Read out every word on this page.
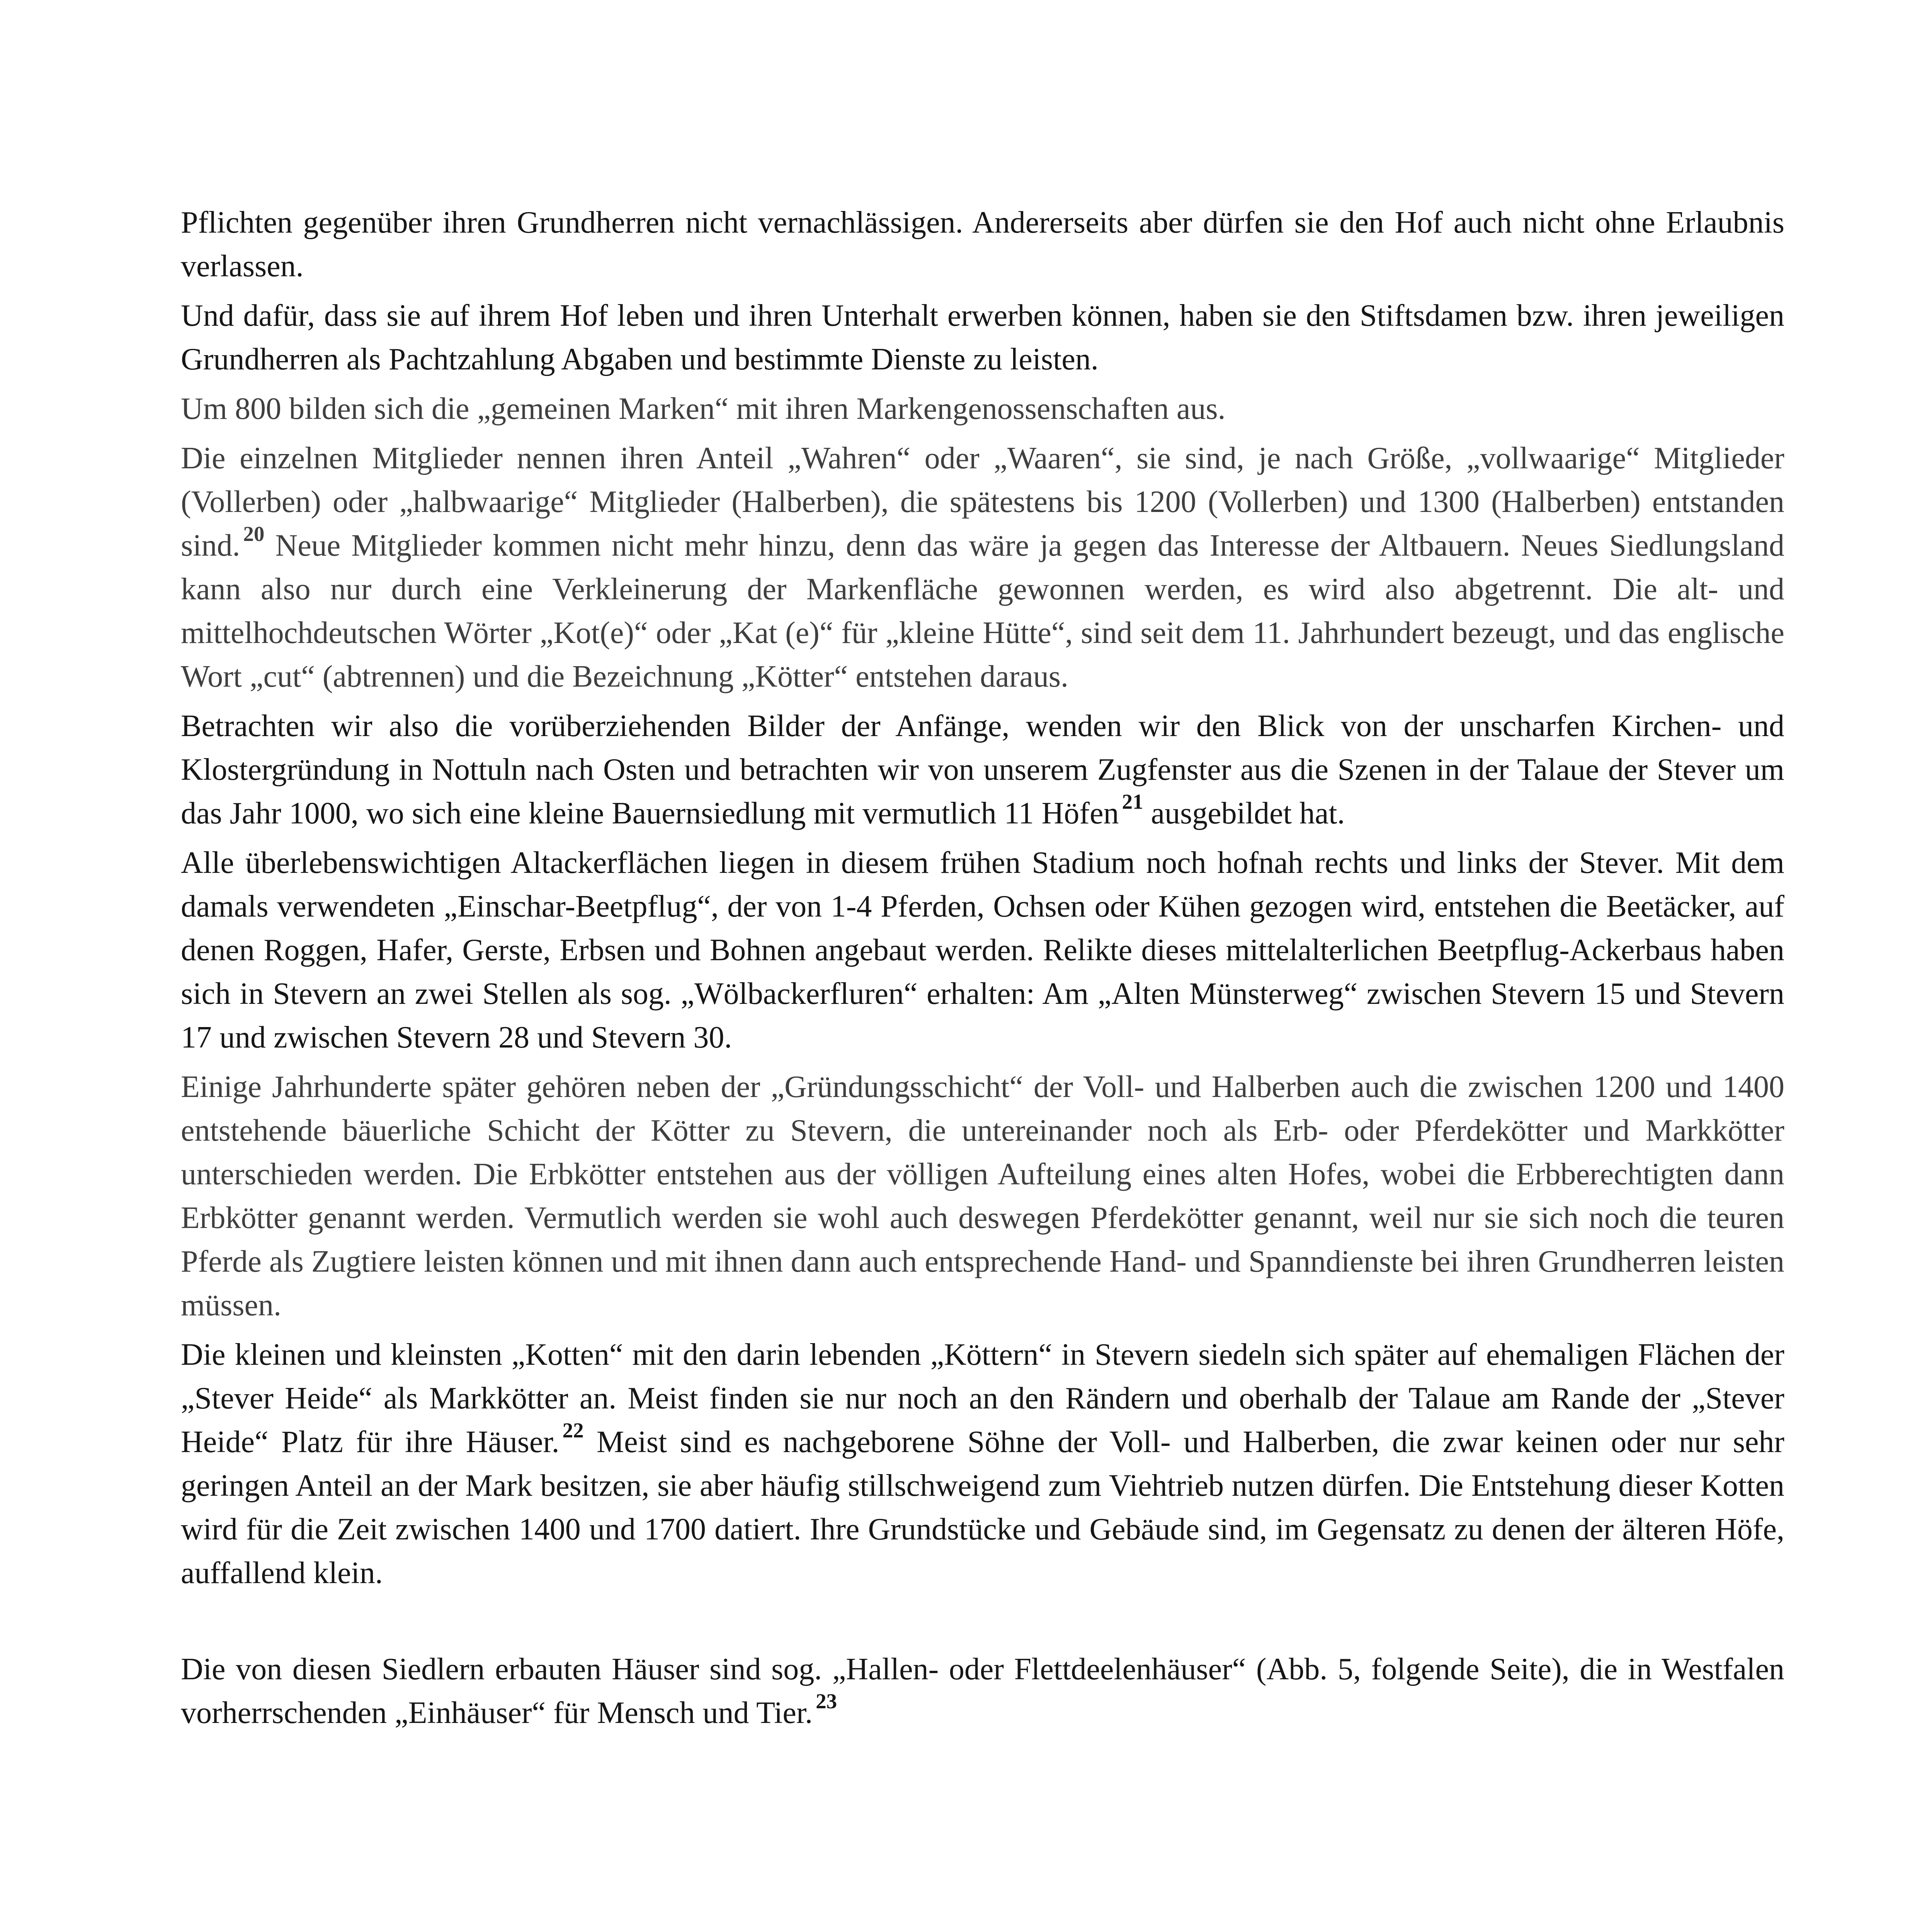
Pflichten gegenüber ihren Grundherren nicht vernachlässigen. Andererseits aber dürfen sie den Hof auch nicht ohne Erlaubnis verlassen.

Und dafür, dass sie auf ihrem Hof leben und ihren Unterhalt erwerben können, haben sie den Stiftsdamen bzw. ihren jeweiligen Grundherren als Pachtzahlung Abgaben und bestimmte Dienste zu leisten.

Um 800 bilden sich die „gemeinen Marken“ mit ihren Markengenossenschaften aus.

Die einzelnen Mitglieder nennen ihren Anteil „Wahren“ oder „Waaren“, sie sind, je nach Größe, „vollwaarige“ Mitglieder (Vollerben) oder „halbwaarige“ Mitglieder (Halberben), die spätestens bis 1200 (Vollerben) und 1300 (Halberben) entstanden sind. $^{20}$ Neue Mitglieder kommen nicht mehr hinzu, denn das wäre ja gegen das Interesse der Altbauern. Neues Siedlungsland kann also nur durch eine Verkleinerung der Markenfläche gewonnen werden, es wird also abgetrennt. Die alt- und mittelhochdeutschen Wörter „Kot(e)“ oder „Kat (e)“ für „kleine Hütte“, sind seit dem 11. Jahrhundert bezeugt, und das englische Wort „cut“ (abtrennen) und die Bezeichnung „Kötter“ entstehen daraus.

Betrachten wir also die vorüberziehenden Bilder der Anfänge, wenden wir den Blick von der unscharfen Kirchen- und Klostergründung in Nottuln nach Osten und betrachten wir von unserem Zugfenster aus die Szenen in der Talaue der Stever um das Jahr 1000, wo sich eine kleine Bauernsiedlung mit vermutlich 11 Höfen $^{21}$ ausgebildet hat.

Alle überlebenswichtigen Altackerflächen liegen in diesem frühen Stadium noch hofnah rechts und links der Stever. Mit dem damals verwendeten „Einschar-Beetpflug“, der von 1-4 Pferden, Ochsen oder Kühen gezogen wird, entstehen die Beetäcker, auf denen Roggen, Hafer, Gerste, Erbsen und Bohnen angebaut werden. Relikte dieses mittelalterlichen Beetpflug-Ackerbaus haben sich in Stevern an zwei Stellen als sog. „Wölbackerfluren“ erhalten: Am „Alten Münsterweg“ zwischen Stevern 15 und Stevern 17 und zwischen Stevern 28 und Stevern 30.

Einige Jahrhunderte später gehören neben der „Gründungsschicht“ der Voll- und Halberben auch die zwischen 1200 und 1400 entstehende bäuerliche Schicht der Kötter zu Stevern, die untereinander noch als Erb- oder Pferdekötter und Markkötter unterschieden werden. Die Erbkötter entstehen aus der völligen Aufteilung eines alten Hofes, wobei die Erbberechtigten dann Erbkötter genannt werden. Vermutlich werden sie wohl auch deswegen Pferdekötter genannt, weil nur sie sich noch die teuren Pferde als Zugtiere leisten können und mit ihnen dann auch entsprechende Hand- und Spanndienste bei ihren Grundherren leisten müssen.

Die kleinen und kleinsten „Kotten“ mit den darin lebenden „Köttern“ in Stevern siedeln sich später auf ehemaligen Flächen der „Stever Heide“ als Markkötter an. Meist finden sie nur noch an den Rändern und oberhalb der Talaue am Rande der „Stever Heide“ Platz für ihre Häuser. $^{22}$ Meist sind es nachgeborene Söhne der Voll- und Halberben, die zwar keinen oder nur sehr geringen Anteil an der Mark besitzen, sie aber häufig stillschweigend zum Viehtrieb nutzen dürfen. Die Entstehung dieser Kotten wird für die Zeit zwischen 1400 und 1700 datiert. Ihre Grundstücke und Gebäude sind, im Gegensatz zu denen der älteren Höfe, auffallend klein.

Die von diesen Siedlern erbauten Häuser sind sog. „Hallen- oder Flettdeelenhäuser“ (Abb. 5, folgende Seite), die in Westfalen vorherrschenden „Einhäuser“ für Mensch und Tier. $^{23}$
